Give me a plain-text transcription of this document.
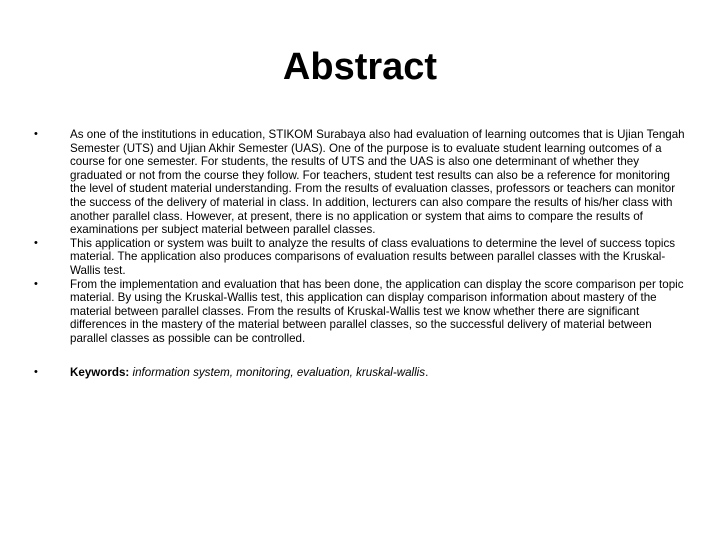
Abstract
•	As one of the institutions in education, STIKOM Surabaya also had evaluation of learning outcomes that is Ujian Tengah Semester (UTS) and Ujian Akhir Semester (UAS). One of the purpose is to evaluate student learning outcomes of a course for one semester. For students, the results of UTS and the UAS is also one determinant of whether they graduated or not from the course they follow. For teachers, student test results can also be a reference for monitoring the level of student material understanding. From the results of evaluation classes, professors or teachers can monitor the success of the delivery of material in class. In addition, lecturers can also compare the results of his/her class with another parallel class. However, at present, there is no application or system that aims to compare the results of examinations per subject material between parallel classes.
•	This application or system was built to analyze the results of class evaluations to determine the level of success topics material. The application also produces comparisons of evaluation results between parallel classes with the Kruskal-Wallis test.
•	From the implementation and evaluation that has been done, the application can display the score comparison per topic material. By using the Kruskal-Wallis test, this application can display comparison information about mastery of the material between parallel classes. From the results of Kruskal-Wallis test we know whether there are significant differences in the mastery of the material between parallel classes, so the successful delivery of material between parallel classes as possible can be controlled.
•	Keywords: information system, monitoring, evaluation, kruskal-wallis.
